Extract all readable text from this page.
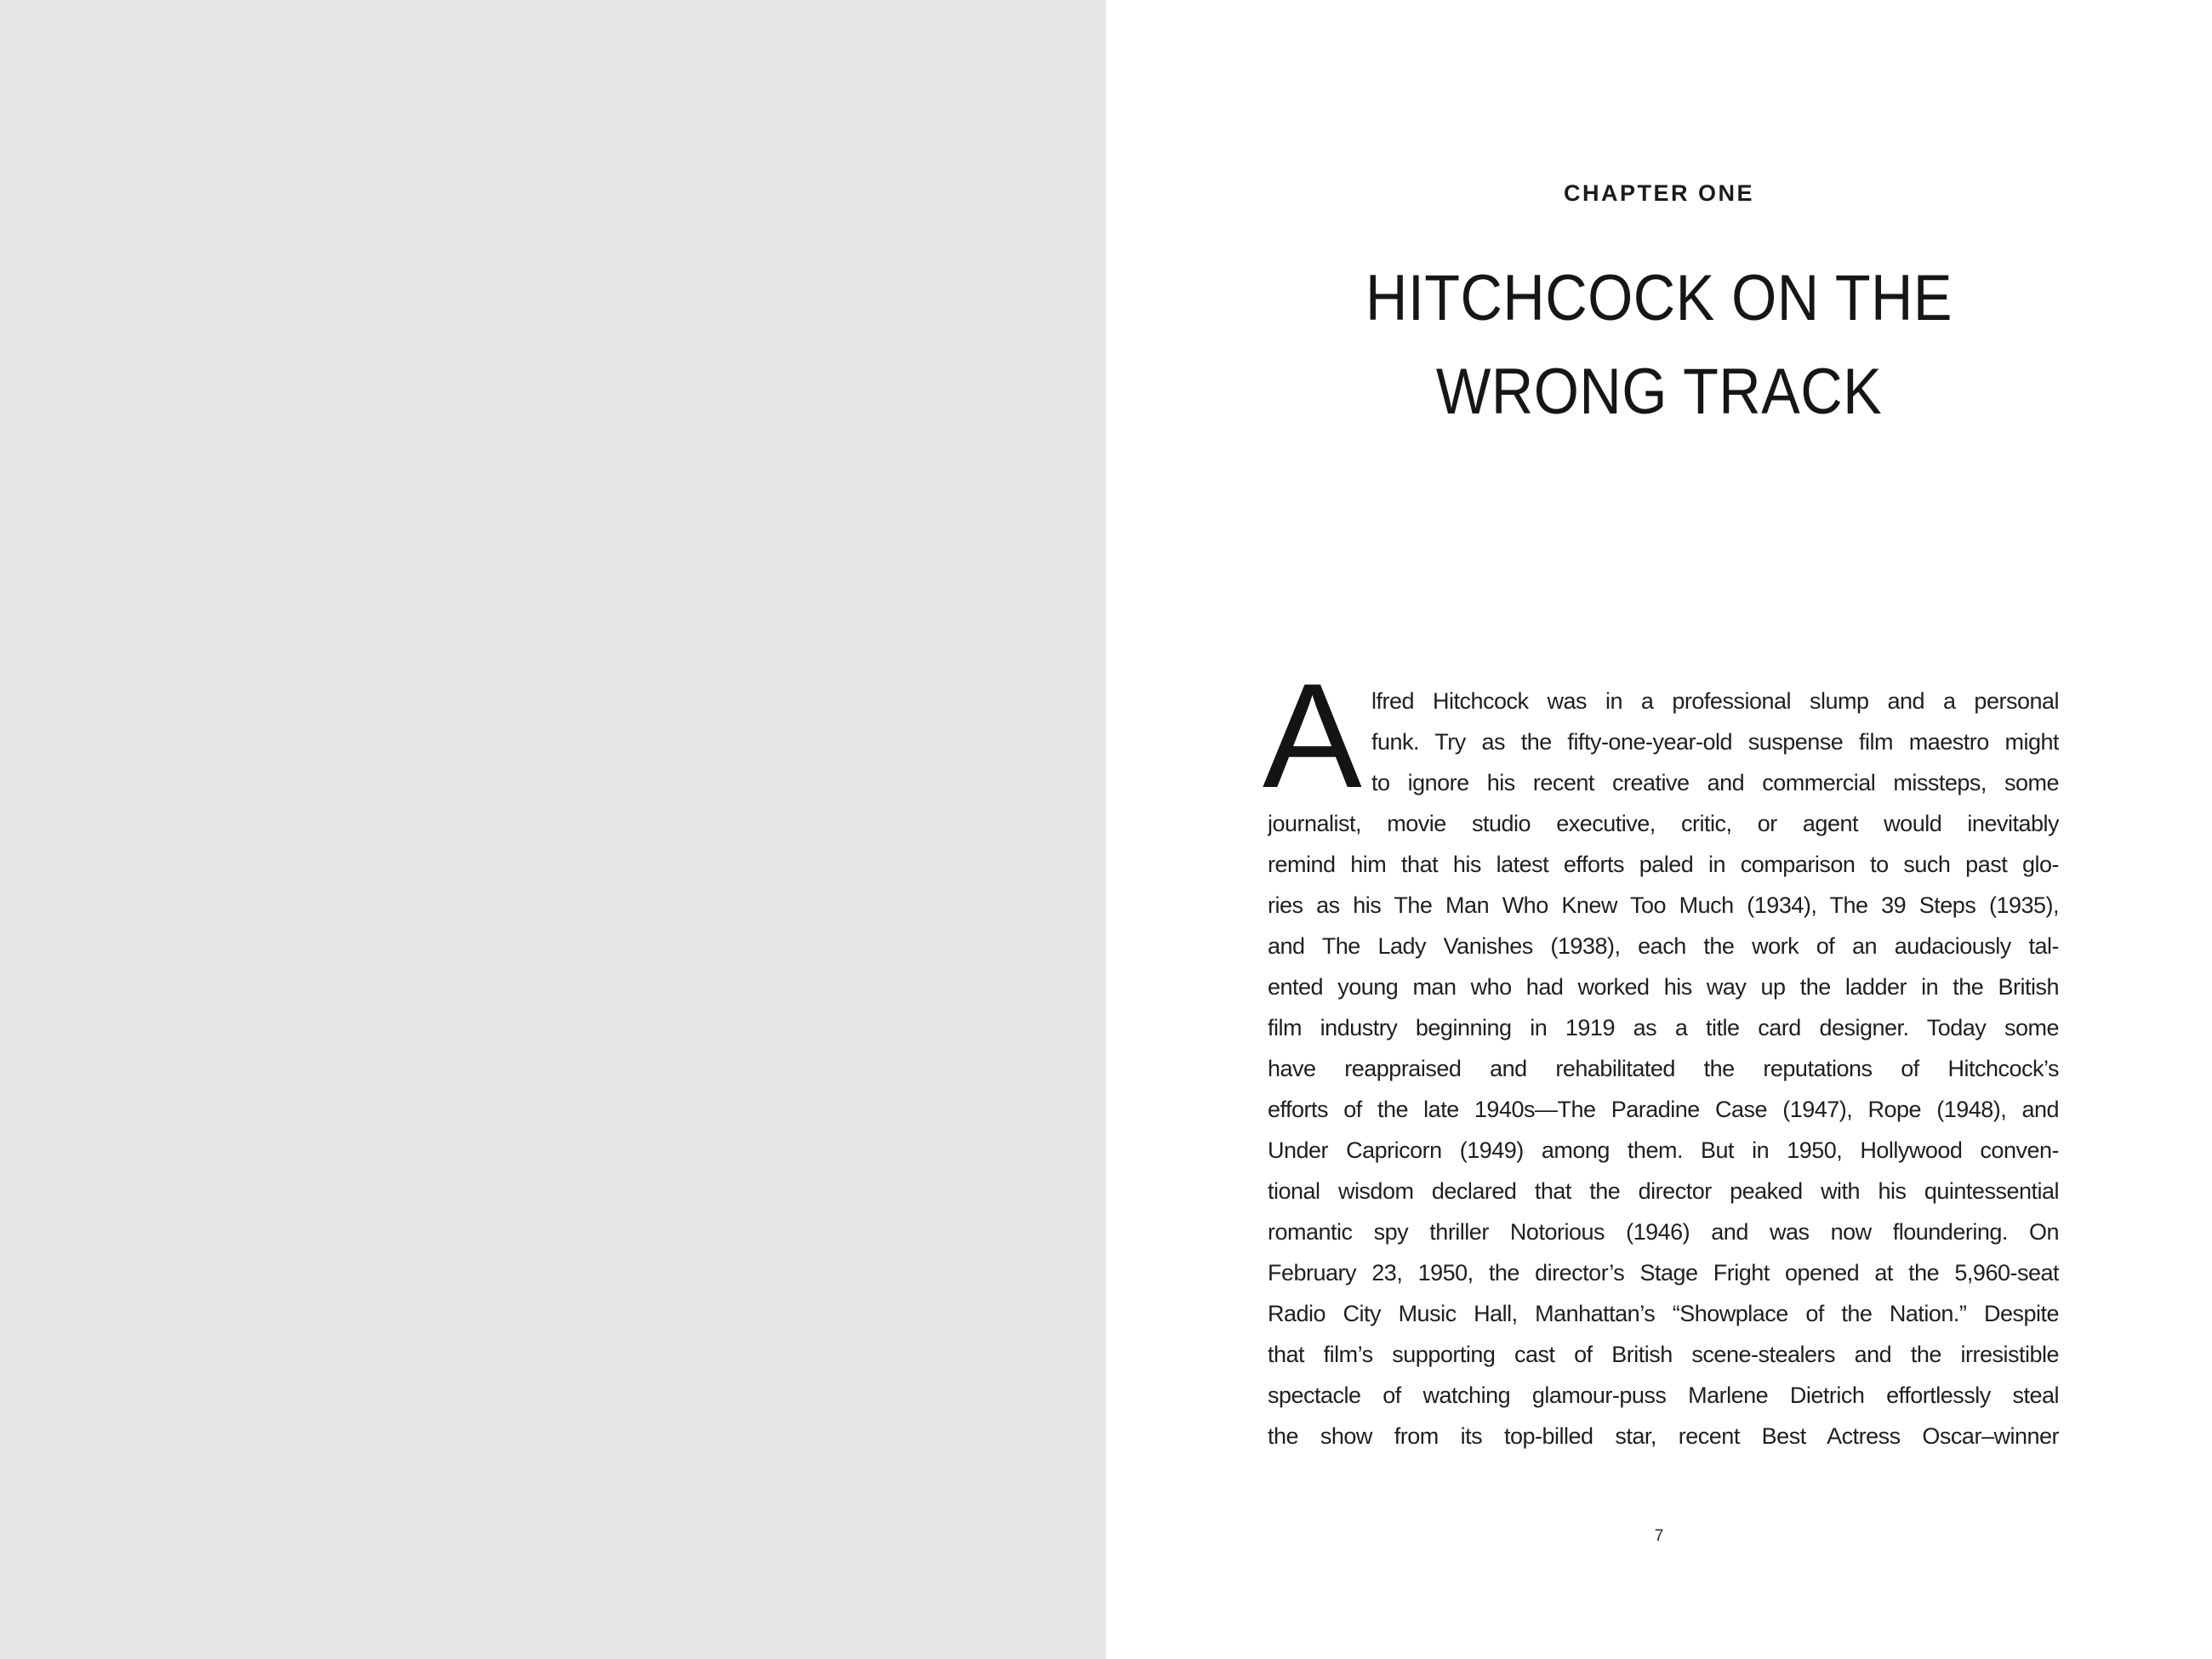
CHAPTER ONE
HITCHCOCK ON THE
WRONG TRACK
A lfred Hitchcock was in a professional slump and a personal
funk. Try as the fifty-one-year-old suspense film maestro might
to ignore his recent creative and commercial missteps, some
journalist, movie studio executive, critic, or agent would inevitably
remind him that his latest efforts paled in comparison to such past glo-
ries as his The Man Who Knew Too Much (1934), The 39 Steps (1935),
and The Lady Vanishes (1938), each the work of an audaciously tal-
ented young man who had worked his way up the ladder in the British
film industry beginning in 1919 as a title card designer. Today some
have reappraised and rehabilitated the reputations of Hitchcock’s
efforts of the late 1940s—The Paradine Case (1947), Rope (1948), and
Under Capricorn (1949) among them. But in 1950, Hollywood conven-
tional wisdom declared that the director peaked with his quintessential
romantic spy thriller Notorious (1946) and was now floundering. On
February 23, 1950, the director’s Stage Fright opened at the 5,960-seat
Radio City Music Hall, Manhattan’s “Showplace of the Nation.” Despite
that film’s supporting cast of British scene-stealers and the irresistible
spectacle of watching glamour-puss Marlene Dietrich effortlessly steal
the show from its top-billed star, recent Best Actress Oscar–winner
7
